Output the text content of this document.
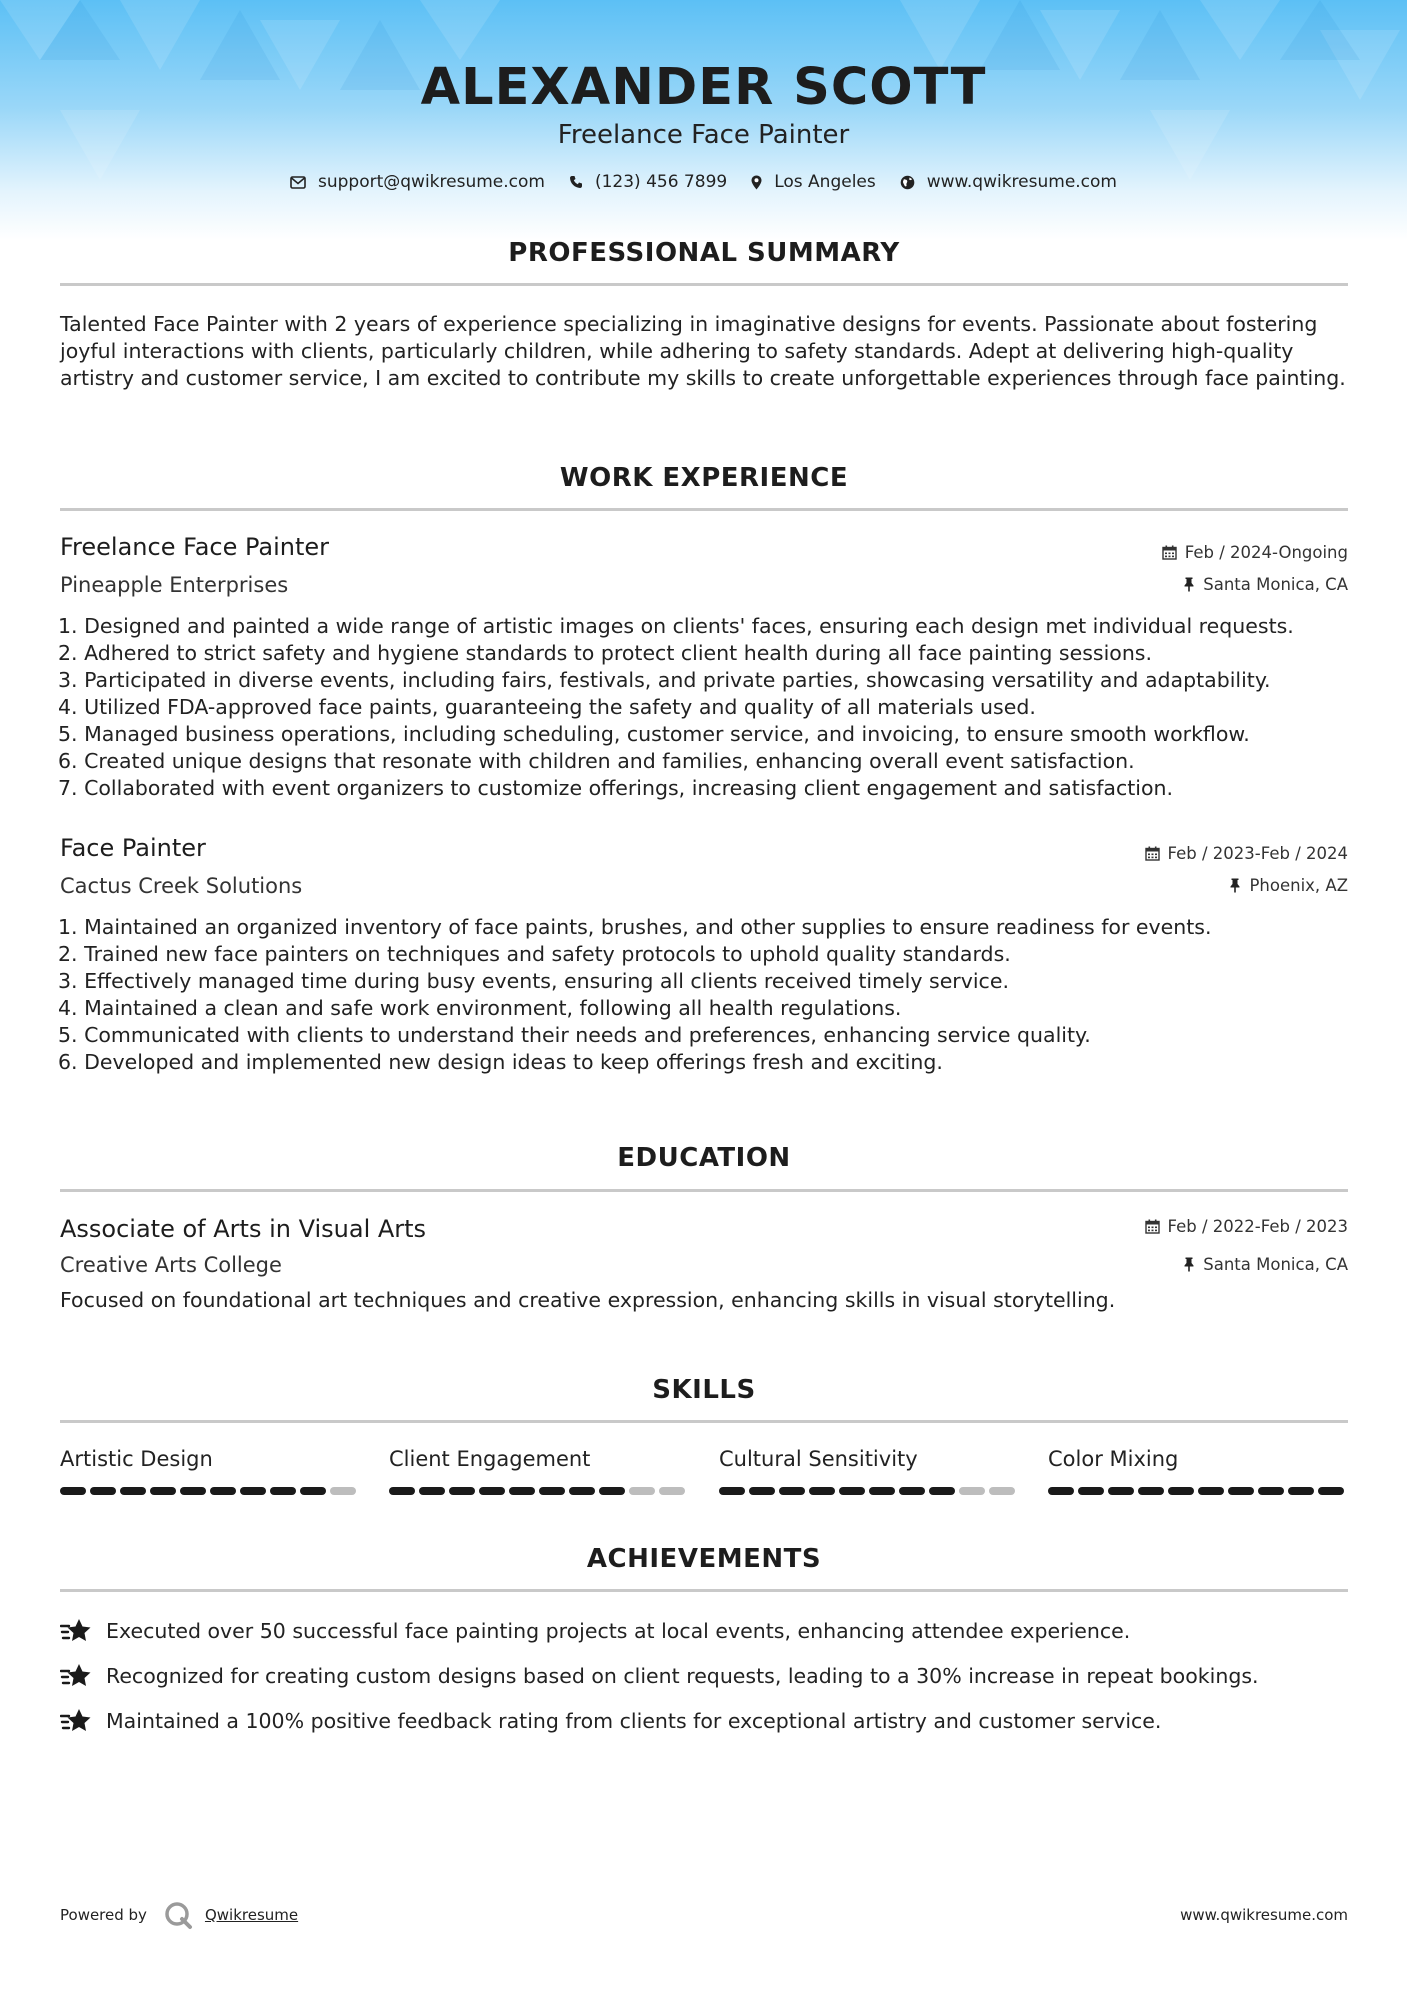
ALEXANDER SCOTT
Freelance Face Painter
support@qwikresume.com	(123) 456 7899	Los Angeles	www.qwikresume.com
PROFESSIONAL SUMMARY
Talented Face Painter with 2 years of experience specializing in imaginative designs for events. Passionate about fostering joyful interactions with clients, particularly children, while adhering to safety standards. Adept at delivering high-quality artistry and customer service, I am excited to contribute my skills to create unforgettable experiences through face painting.
WORK EXPERIENCE
Freelance Face Painter	Feb / 2024-Ongoing
Pineapple Enterprises	Santa Monica, CA
1. Designed and painted a wide range of artistic images on clients' faces, ensuring each design met individual requests.
2. Adhered to strict safety and hygiene standards to protect client health during all face painting sessions.
3. Participated in diverse events, including fairs, festivals, and private parties, showcasing versatility and adaptability.
4. Utilized FDA-approved face paints, guaranteeing the safety and quality of all materials used.
5. Managed business operations, including scheduling, customer service, and invoicing, to ensure smooth workflow.
6. Created unique designs that resonate with children and families, enhancing overall event satisfaction.
7. Collaborated with event organizers to customize offerings, increasing client engagement and satisfaction.
Face Painter	Feb / 2023-Feb / 2024
Cactus Creek Solutions	Phoenix, AZ
1. Maintained an organized inventory of face paints, brushes, and other supplies to ensure readiness for events.
2. Trained new face painters on techniques and safety protocols to uphold quality standards.
3. Effectively managed time during busy events, ensuring all clients received timely service.
4. Maintained a clean and safe work environment, following all health regulations.
5. Communicated with clients to understand their needs and preferences, enhancing service quality.
6. Developed and implemented new design ideas to keep offerings fresh and exciting.
EDUCATION
Associate of Arts in Visual Arts	Feb / 2022-Feb / 2023
Creative Arts College	Santa Monica, CA
Focused on foundational art techniques and creative expression, enhancing skills in visual storytelling.
SKILLS
Artistic Design	Client Engagement	Cultural Sensitivity	Color Mixing
ACHIEVEMENTS
Executed over 50 successful face painting projects at local events, enhancing attendee experience.
Recognized for creating custom designs based on client requests, leading to a 30% increase in repeat bookings.
Maintained a 100% positive feedback rating from clients for exceptional artistry and customer service.
Powered by	Qwikresume	www.qwikresume.com
